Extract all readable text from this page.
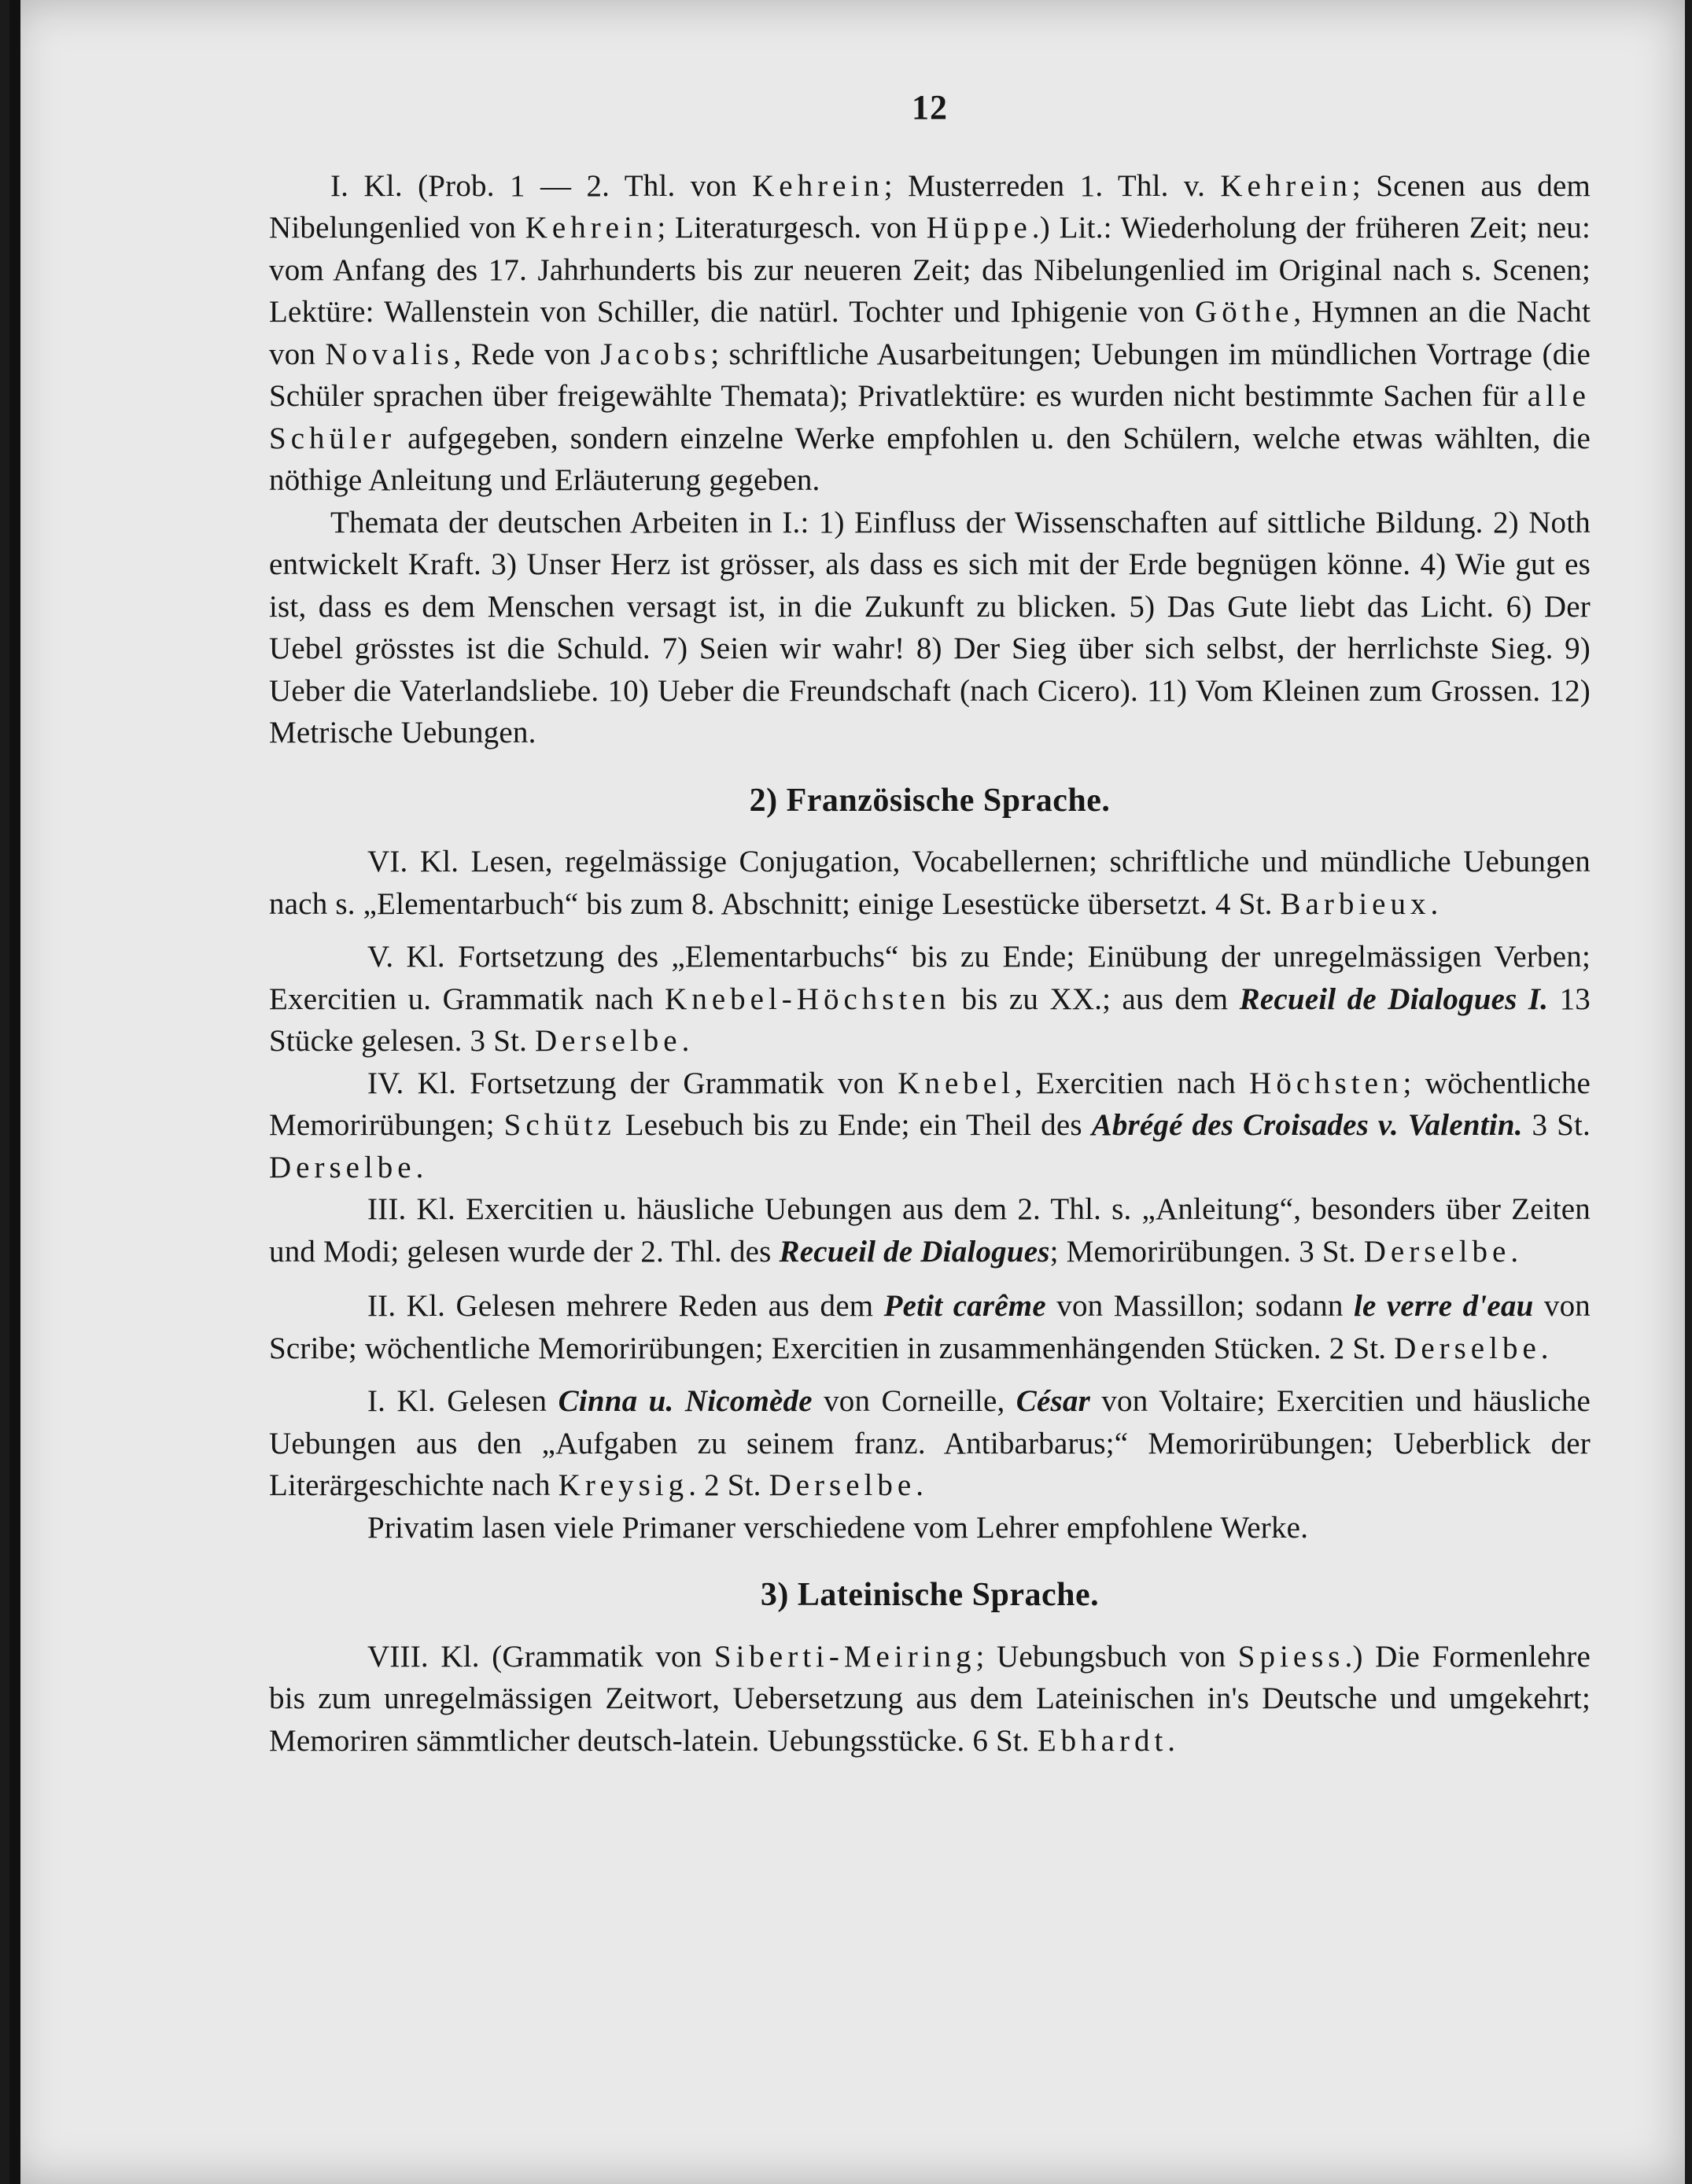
12

I. Kl. (Prob. 1 — 2. Thl. von Kehrein; Musterreden 1. Thl. v. Kehrein; Scenen aus dem Nibelungenlied von Kehrein; Literaturgesch. von Hüppe.) Lit.: Wiederholung der früheren Zeit; neu: vom Anfang des 17. Jahrhunderts bis zur neueren Zeit; das Nibelungenlied im Original nach s. Scenen; Lektüre: Wallenstein von Schiller, die natürl. Tochter und Iphigenie von Göthe, Hymnen an die Nacht von Novalis, Rede von Jacobs; schriftliche Ausarbeitungen; Uebungen im mündlichen Vortrage (die Schüler sprachen über freigewählte Themata); Privatlektüre: es wurden nicht bestimmte Sachen für alle Schüler aufgegeben, sondern einzelne Werke empfohlen u. den Schülern, welche etwas wählten, die nöthige Anleitung und Erläuterung gegeben.

Themata der deutschen Arbeiten in I.: 1) Einfluss der Wissenschaften auf sittliche Bildung. 2) Noth entwickelt Kraft. 3) Unser Herz ist grösser, als dass es sich mit der Erde begnügen könne. 4) Wie gut es ist, dass es dem Menschen versagt ist, in die Zukunft zu blicken. 5) Das Gute liebt das Licht. 6) Der Uebel grösstes ist die Schuld. 7) Seien wir wahr! 8) Der Sieg über sich selbst, der herrlichste Sieg. 9) Ueber die Vaterlandsliebe. 10) Ueber die Freundschaft (nach Cicero). 11) Vom Kleinen zum Grossen. 12) Metrische Uebungen.

2) Französische Sprache.

VI. Kl. Lesen, regelmässige Conjugation, Vocabellernen; schriftliche und mündliche Uebungen nach s. „Elementarbuch“ bis zum 8. Abschnitt; einige Lesestücke übersetzt. 4 St. Barbieux.

V. Kl. Fortsetzung des „Elementarbuchs“ bis zu Ende; Einübung der unregelmässigen Verben; Exercitien u. Grammatik nach Knebel-Höchsten bis zu XX.; aus dem Recueil de Dialogues I. 13 Stücke gelesen. 3 St. Derselbe.

IV. Kl. Fortsetzung der Grammatik von Knebel, Exercitien nach Höchsten; wöchentliche Memorirübungen; Schütz Lesebuch bis zu Ende; ein Theil des Abrégé des Croisades v. Valentin. 3 St. Derselbe.

III. Kl. Exercitien u. häusliche Uebungen aus dem 2. Thl. s. „Anleitung“, besonders über Zeiten und Modi; gelesen wurde der 2. Thl. des Recueil de Dialogues; Memorirübungen. 3 St. Derselbe.

II. Kl. Gelesen mehrere Reden aus dem Petit carême von Massillon; sodann le verre d'eau von Scribe; wöchentliche Memorirübungen; Exercitien in zusammenhängenden Stücken. 2 St. Derselbe.

I. Kl. Gelesen Cinna u. Nicomède von Corneille, César von Voltaire; Exercitien und häusliche Uebungen aus den „Aufgaben zu seinem franz. Antibarbarus;“ Memorirübungen; Ueberblick der Literärgeschichte nach Kreysig. 2 St. Derselbe.

Privatim lasen viele Primaner verschiedene vom Lehrer empfohlene Werke.

3) Lateinische Sprache.

VIII. Kl. (Grammatik von Siberti-Meiring; Uebungsbuch von Spiess.) Die Formenlehre bis zum unregelmässigen Zeitwort, Uebersetzung aus dem Lateinischen in's Deutsche und umgekehrt; Memoriren sämmtlicher deutsch-latein. Uebungsstücke. 6 St. Ebhardt.
